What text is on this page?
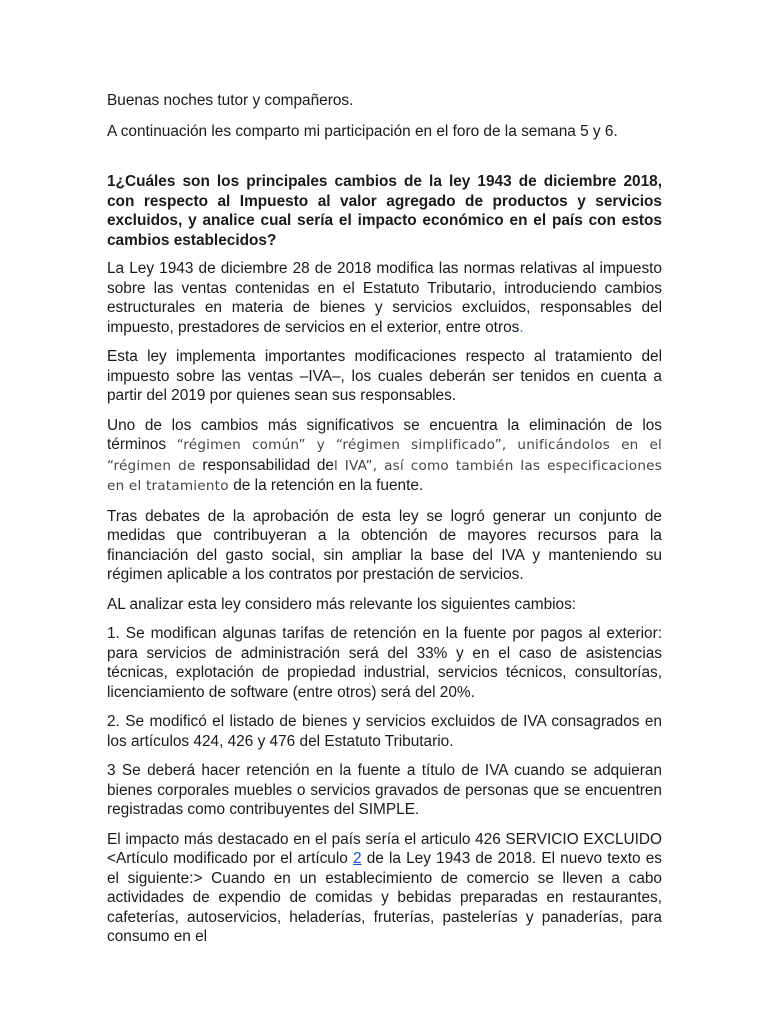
Buenas noches tutor y compañeros.

A continuación les comparto mi participación en el foro de la semana 5 y 6.

1¿Cuáles son los principales cambios de la ley 1943 de diciembre 2018, con respecto al Impuesto al valor agregado de productos y servicios excluidos, y analice cual sería el impacto económico en el país con estos cambios establecidos?

La Ley 1943 de diciembre 28 de 2018 modifica las normas relativas al impuesto sobre las ventas contenidas en el Estatuto Tributario, introduciendo cambios estructurales en materia de bienes y servicios excluidos, responsables del impuesto, prestadores de servicios en el exterior, entre otros.

Esta ley implementa importantes modificaciones respecto al tratamiento del impuesto sobre las ventas –IVA–, los cuales deberán ser tenidos en cuenta a partir del 2019 por quienes sean sus responsables.

Uno de los cambios más significativos se encuentra la eliminación de los términos “régimen común” y “régimen simplificado”, unificándolos en el “régimen de responsabilidad del IVA”, así como también las especificaciones en el tratamiento de la retención en la fuente.

Tras debates de la aprobación de esta ley se logró generar un conjunto de medidas que contribuyeran a la obtención de mayores recursos para la financiación del gasto social, sin ampliar la base del IVA y manteniendo su régimen aplicable a los contratos por prestación de servicios.

AL analizar esta ley considero más relevante los siguientes cambios:

1. Se modifican algunas tarifas de retención en la fuente por pagos al exterior: para servicios de administración será del 33% y en el caso de asistencias técnicas, explotación de propiedad industrial, servicios técnicos, consultorías, licenciamiento de software (entre otros) será del 20%.

2. Se modificó el listado de bienes y servicios excluidos de IVA consagrados en los artículos 424, 426 y 476 del Estatuto Tributario.

3 Se deberá hacer retención en la fuente a título de IVA cuando se adquieran bienes corporales muebles o servicios gravados de personas que se encuentren registradas como contribuyentes del SIMPLE.

El impacto más destacado en el país sería el articulo 426 SERVICIO EXCLUIDO <Artículo modificado por el artículo 2 de la Ley 1943 de 2018. El nuevo texto es el siguiente:> Cuando en un establecimiento de comercio se lleven a cabo actividades de expendio de comidas y bebidas preparadas en restaurantes, cafeterías, autoservicios, heladerías, fruterías, pastelerías y panaderías, para consumo en el
